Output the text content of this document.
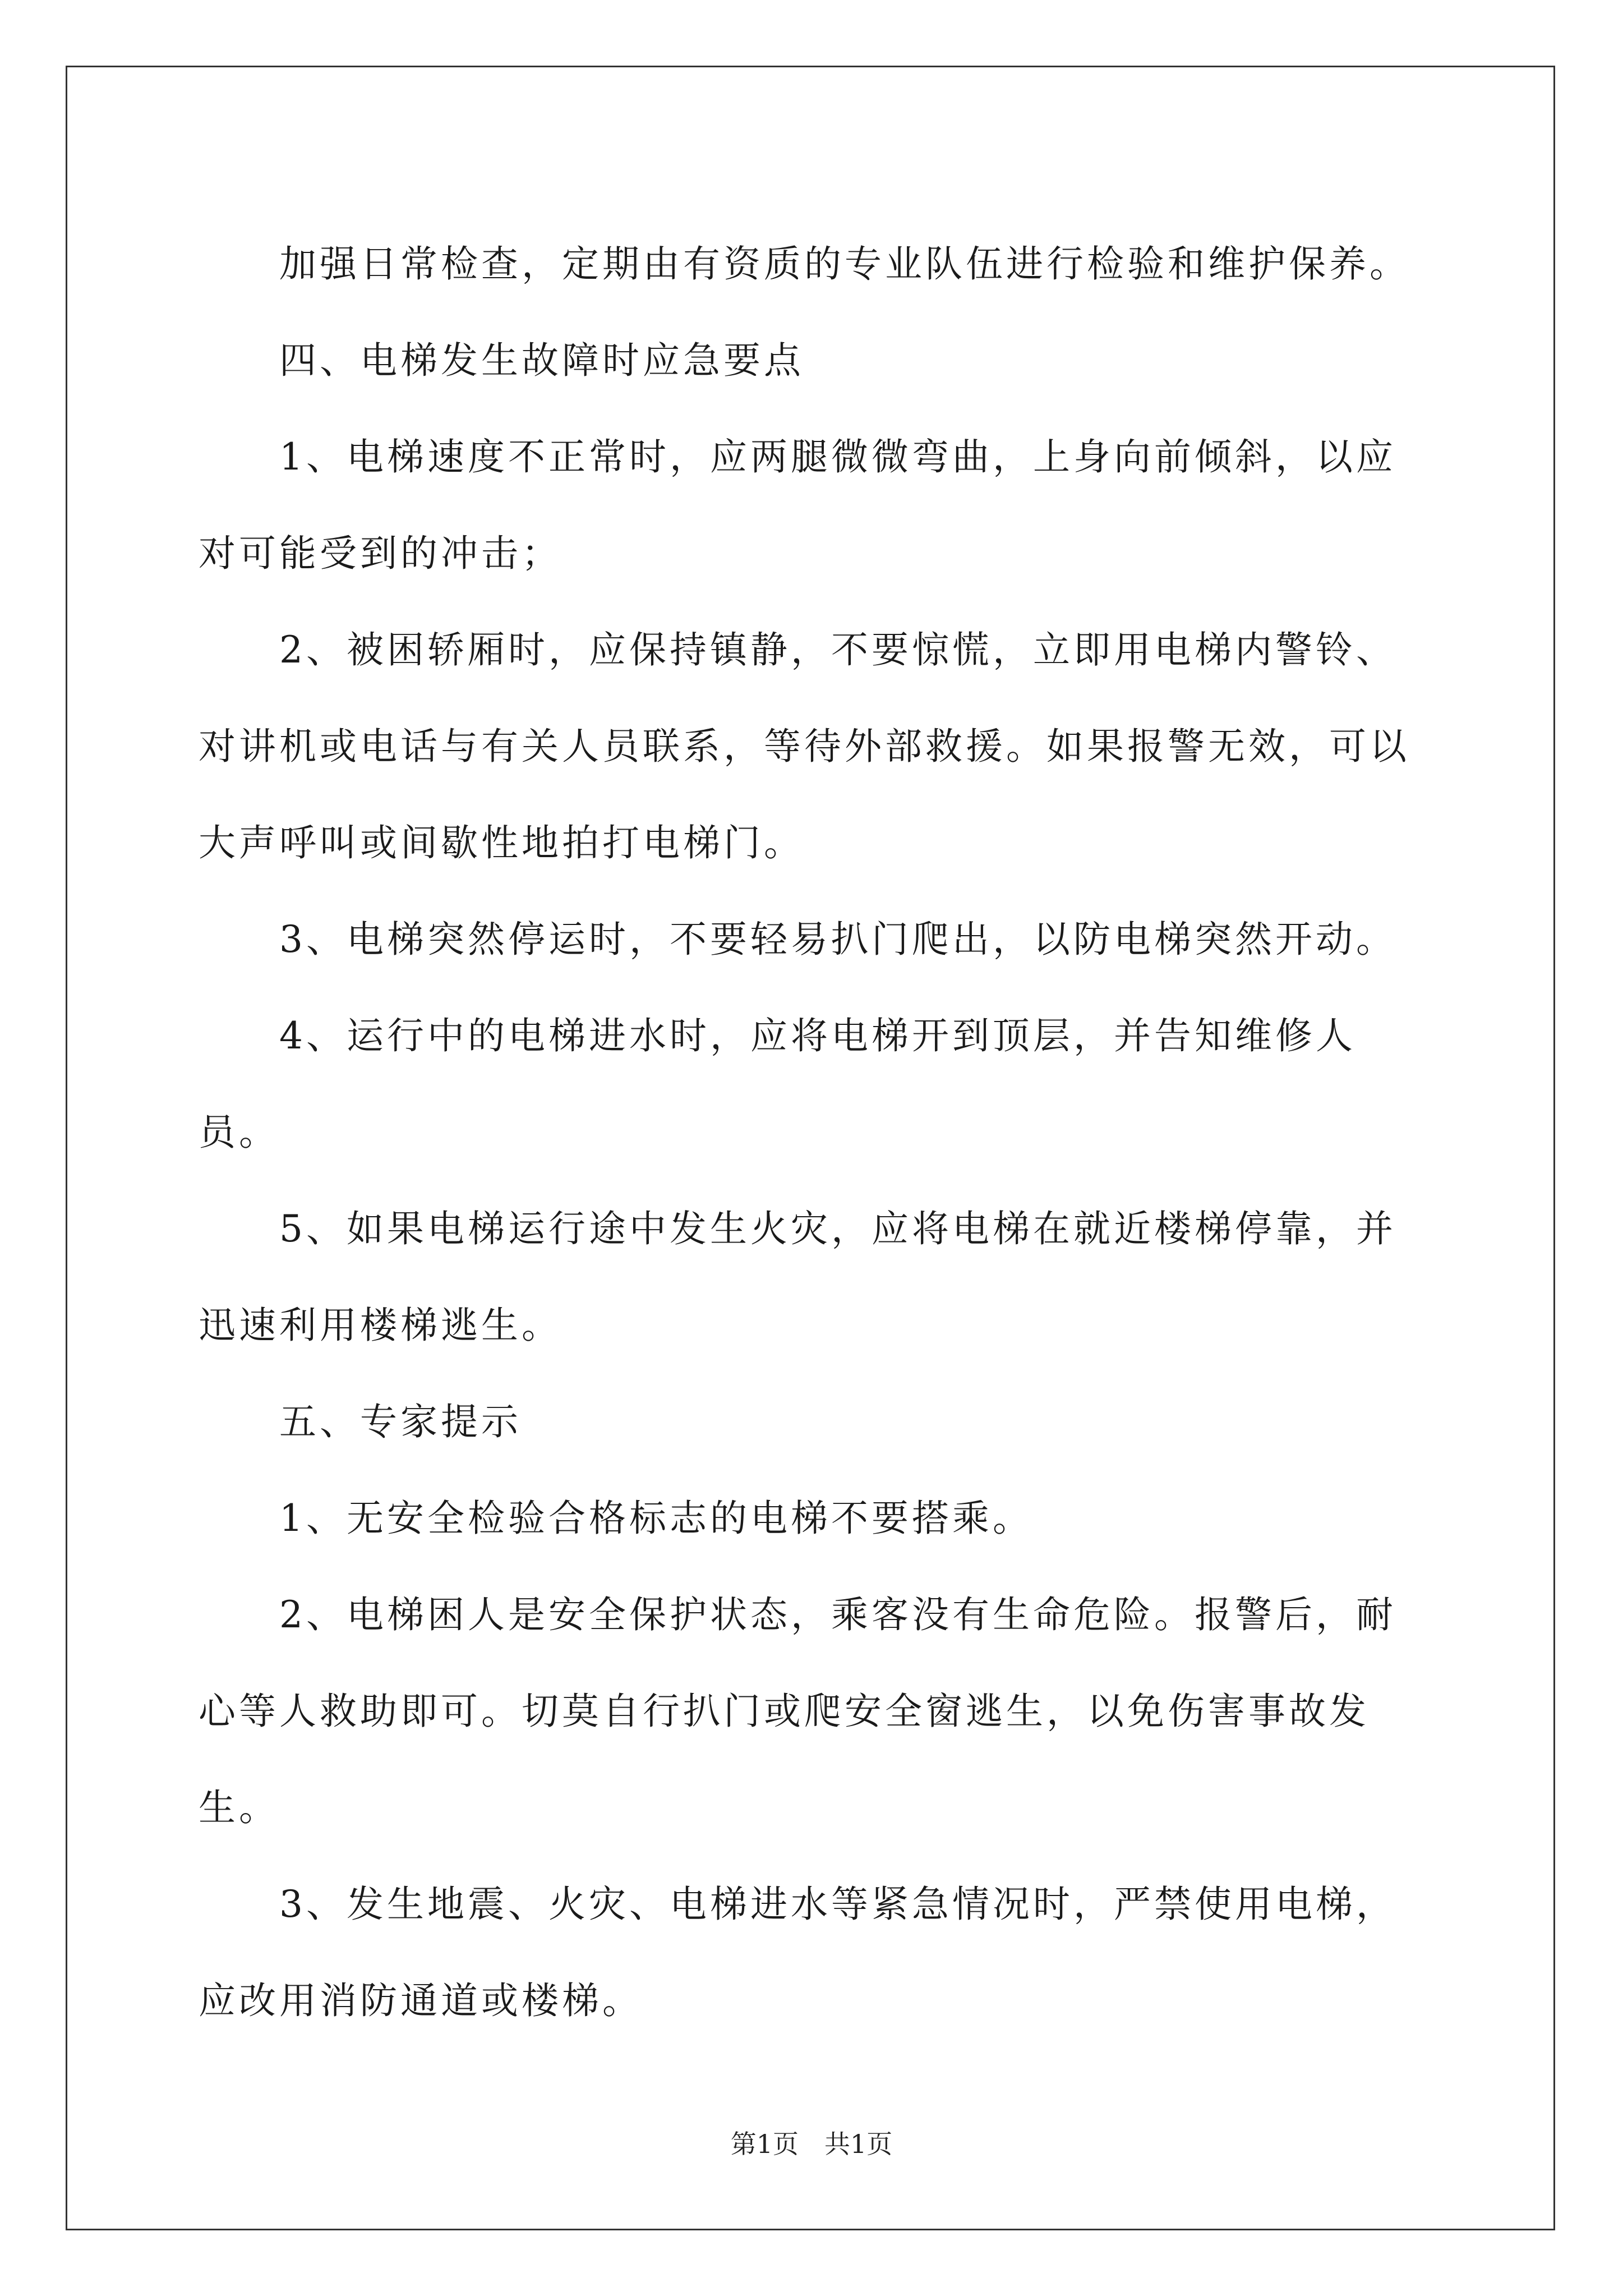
加强日常检查，定期由有资质的专业队伍进行检验和维护保养。

四、电梯发生故障时应急要点

1、电梯速度不正常时，应两腿微微弯曲，上身向前倾斜，以应对可能受到的冲击；

2、被困轿厢时，应保持镇静，不要惊慌，立即用电梯内警铃、对讲机或电话与有关人员联系，等待外部救援。如果报警无效，可以大声呼叫或间歇性地拍打电梯门。

3、电梯突然停运时，不要轻易扒门爬出，以防电梯突然开动。

4、运行中的电梯进水时，应将电梯开到顶层，并告知维修人员。

5、如果电梯运行途中发生火灾，应将电梯在就近楼梯停靠，并迅速利用楼梯逃生。

五、专家提示

1、无安全检验合格标志的电梯不要搭乘。

2、电梯困人是安全保护状态，乘客没有生命危险。报警后，耐心等人救助即可。切莫自行扒门或爬安全窗逃生，以免伤害事故发生。

3、发生地震、火灾、电梯进水等紧急情况时，严禁使用电梯，应改用消防通道或楼梯。

第1页　共1页
